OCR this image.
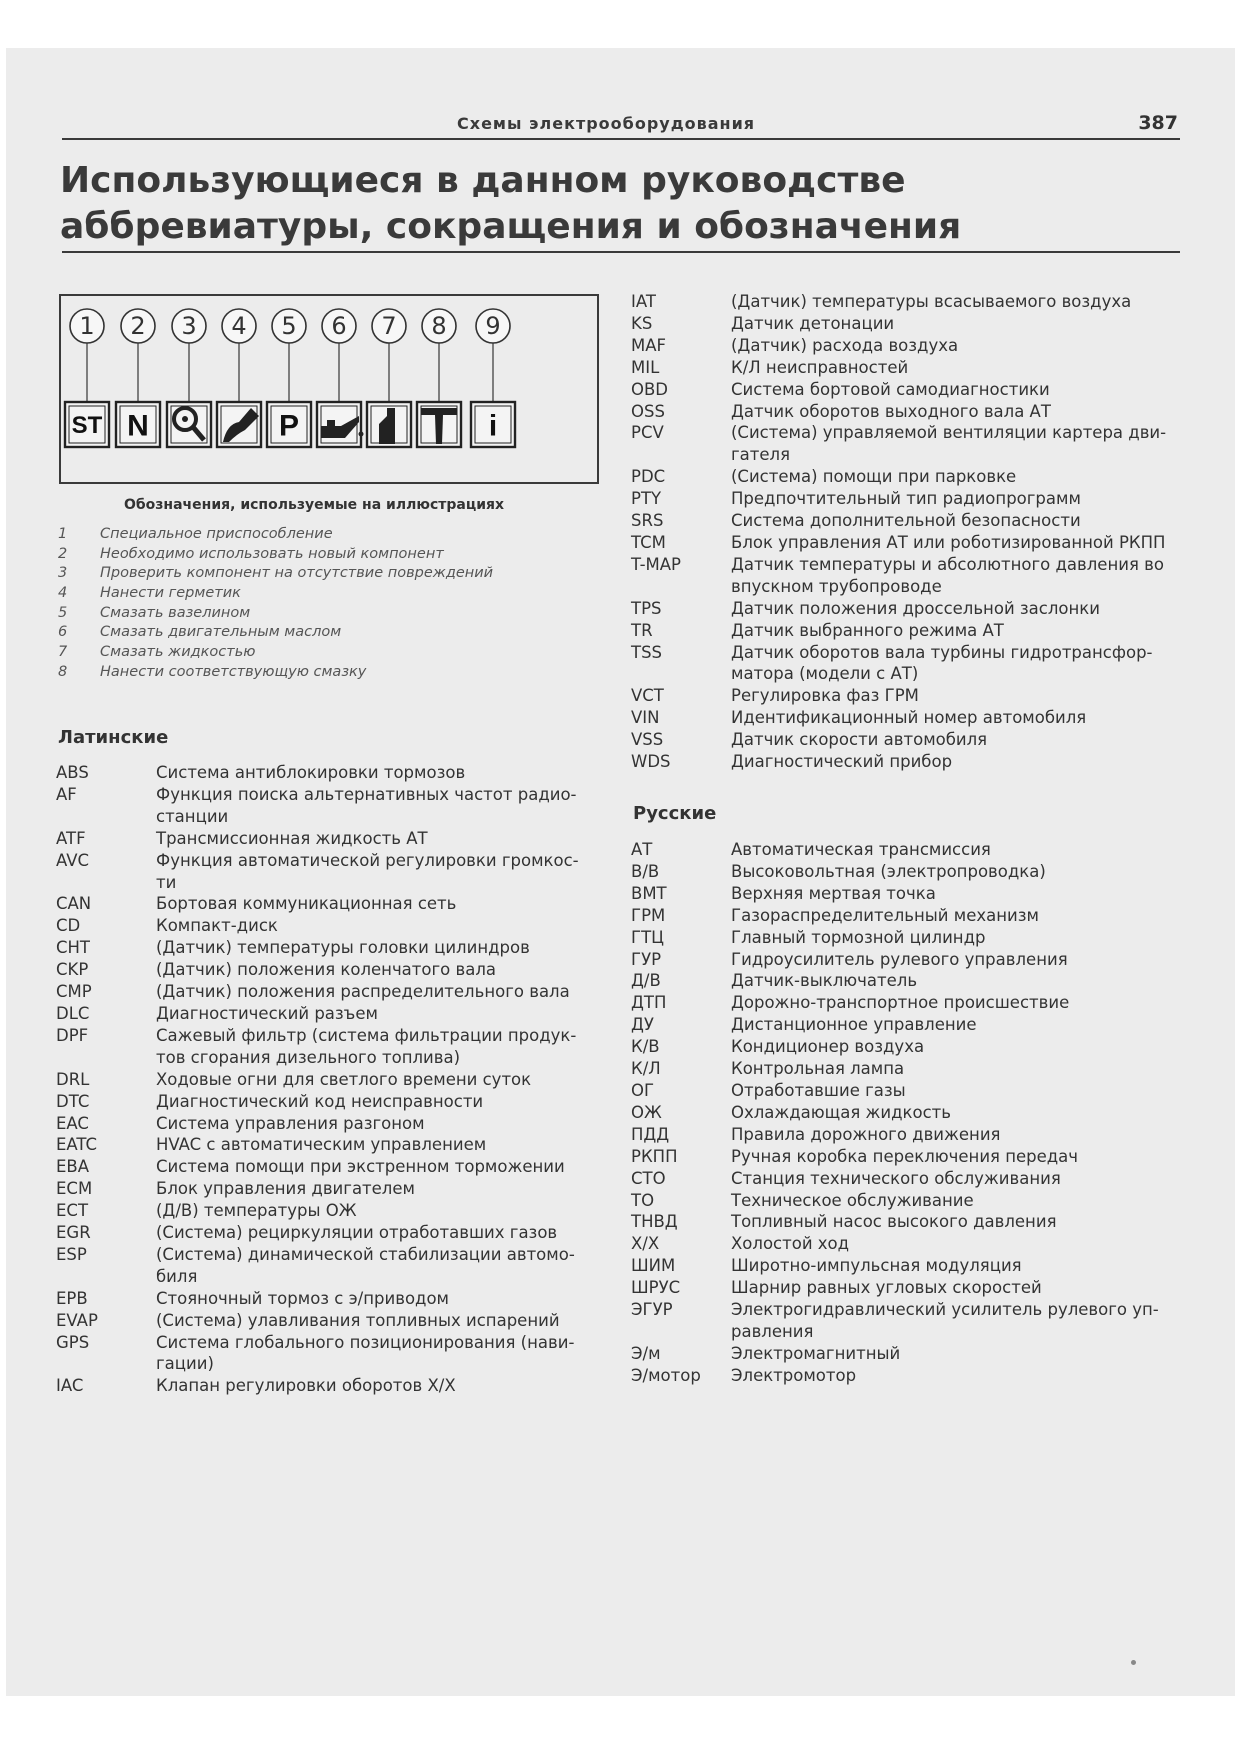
Схемы электрооборудования	387
Использующиеся в данном руководстве
аббревиатуры, сокращения и обозначения
1
ST
2
N
3 4 5
P
6 7 8 9
i
Обозначения, используемые на иллюстрациях
1 Специальное приспособление
2 Необходимо использовать новый компонент
3 Проверить компонент на отсутствие повреждений
4 Нанести герметик
5 Смазать вазелином
6 Смазать двигательным маслом
7 Смазать жидкостью
8 Нанести соответствующую смазку
Латинские
ABS	Система антиблокировки тормозов
AF	Функция поиска альтернативных частот радио-
станции
ATF	Трансмиссионная жидкость АТ
AVC	Функция автоматической регулировки громкос-
ти
CAN	Бортовая коммуникационная сеть
CD	Компакт-диск
CHT	(Датчик) температуры головки цилиндров
CKP	(Датчик) положения коленчатого вала
CMP	(Датчик) положения распределительного вала
DLC	Диагностический разъем
DPF	Сажевый фильтр (система фильтрации продук-
тов сгорания дизельного топлива)
DRL	Ходовые огни для светлого времени суток
DTC	Диагностический код неисправности
EAC	Система управления разгоном
EATC	HVAC с автоматическим управлением
EBA	Система помощи при экстренном торможении
ECM	Блок управления двигателем
ECT	(Д/В) температуры ОЖ
EGR	(Система) рециркуляции отработавших газов
ESP	(Система) динамической стабилизации автомо-
биля
EPB	Стояночный тормоз с э/приводом
EVAP	(Система) улавливания топливных испарений
GPS	Система глобального позиционирования (нави-
гации)
IAC	Клапан регулировки оборотов Х/Х
IAT	(Датчик) температуры всасываемого воздуха
KS	Датчик детонации
MAF	(Датчик) расхода воздуха
MIL	К/Л неисправностей
OBD	Система бортовой самодиагностики
OSS	Датчик оборотов выходного вала АТ
PCV	(Система) управляемой вентиляции картера дви-
гателя
PDC	(Система) помощи при парковке
PTY	Предпочтительный тип радиопрограмм
SRS	Система дополнительной безопасности
TCM	Блок управления АТ или роботизированной РКПП
T-MAP	Датчик температуры и абсолютного давления во
впускном трубопроводе
TPS	Датчик положения дроссельной заслонки
TR	Датчик выбранного режима АТ
TSS	Датчик оборотов вала турбины гидротрансфор-
матора (модели с АТ)
VCT	Регулировка фаз ГРМ
VIN	Идентификационный номер автомобиля
VSS	Датчик скорости автомобиля
WDS	Диагностический прибор
Русские
АТ	Автоматическая трансмиссия
В/В	Высоковольтная (электропроводка)
ВМТ	Верхняя мертвая точка
ГРМ	Газораспределительный механизм
ГТЦ	Главный тормозной цилиндр
ГУР	Гидроусилитель рулевого управления
Д/В	Датчик-выключатель
ДТП	Дорожно-транспортное происшествие
ДУ	Дистанционное управление
К/В	Кондиционер воздуха
К/Л	Контрольная лампа
ОГ	Отработавшие газы
ОЖ	Охлаждающая жидкость
ПДД	Правила дорожного движения
РКПП	Ручная коробка переключения передач
СТО	Станция технического обслуживания
ТО	Техническое обслуживание
ТНВД	Топливный насос высокого давления
Х/Х	Холостой ход
ШИМ	Широтно-импульсная модуляция
ШРУС	Шарнир равных угловых скоростей
ЭГУР	Электрогидравлический усилитель рулевого уп-
равления
Э/м	Электромагнитный
Э/мотор	Электромотор
